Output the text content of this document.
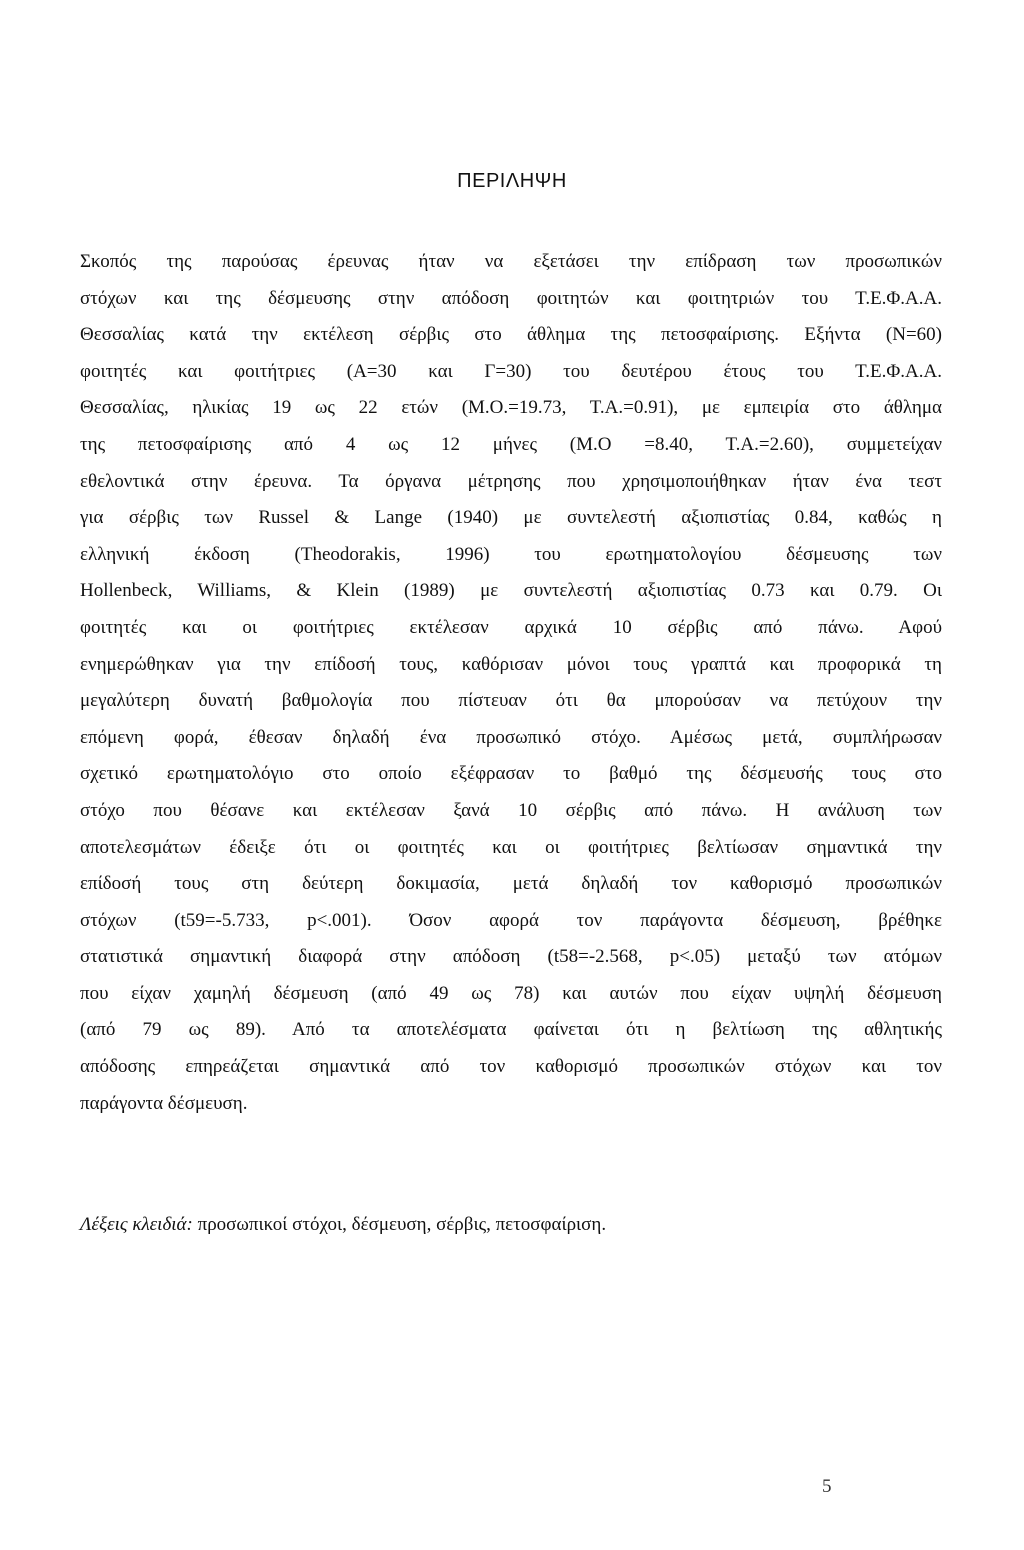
ΠΕΡΙΛΗΨΗ
Σκοπός της παρούσας έρευνας ήταν να εξετάσει την επίδραση των προσωπικών
στόχων και της δέσμευσης στην απόδοση φοιτητών και φοιτητριών του Τ.Ε.Φ.Α.Α.
Θεσσαλίας κατά την εκτέλεση σέρβις στο άθλημα της πετοσφαίρισης. Εξήντα (Ν=60)
φοιτητές και φοιτήτριες (Α=30 και Γ=30) του δευτέρου έτους του Τ.Ε.Φ.Α.Α.
Θεσσαλίας, ηλικίας 19 ως 22 ετών (Μ.Ο.=19.73, Τ.Α.=0.91), με εμπειρία στο άθλημα
της πετοσφαίρισης από 4 ως 12 μήνες (Μ.Ο =8.40, Τ.Α.=2.60), συμμετείχαν
εθελοντικά στην έρευνα. Τα όργανα μέτρησης που χρησιμοποιήθηκαν ήταν ένα τεστ
για σέρβις των Russel & Lange (1940) με συντελεστή αξιοπιστίας 0.84, καθώς η
ελληνική έκδοση (Theodorakis, 1996) του ερωτηματολογίου δέσμευσης των
Hollenbeck, Williams, & Klein (1989) με συντελεστή αξιοπιστίας 0.73 και 0.79. Οι
φοιτητές και οι φοιτήτριες εκτέλεσαν αρχικά 10 σέρβις από πάνω. Αφού
ενημερώθηκαν για την επίδοσή τους, καθόρισαν μόνοι τους γραπτά και προφορικά τη
μεγαλύτερη δυνατή βαθμολογία που πίστευαν ότι θα μπορούσαν να πετύχουν την
επόμενη φορά, έθεσαν δηλαδή ένα προσωπικό στόχο. Αμέσως μετά, συμπλήρωσαν
σχετικό ερωτηματολόγιο στο οποίο εξέφρασαν το βαθμό της δέσμευσής τους στο
στόχο που θέσανε και εκτέλεσαν ξανά 10 σέρβις από πάνω. Η ανάλυση των
αποτελεσμάτων έδειξε ότι οι φοιτητές και οι φοιτήτριες βελτίωσαν σημαντικά την
επίδοσή τους στη δεύτερη δοκιμασία, μετά δηλαδή τον καθορισμό προσωπικών
στόχων (t59=-5.733, p<.001). Όσον αφορά τον παράγοντα δέσμευση, βρέθηκε
στατιστικά σημαντική διαφορά στην απόδοση (t58=-2.568, p<.05) μεταξύ των ατόμων
που είχαν χαμηλή δέσμευση (από 49 ως 78) και αυτών που είχαν υψηλή δέσμευση
(από 79 ως 89). Από τα αποτελέσματα φαίνεται ότι η βελτίωση της αθλητικής
απόδοσης επηρεάζεται σημαντικά από τον καθορισμό προσωπικών στόχων και τον
παράγοντα δέσμευση.

Λέξεις κλειδιά: προσωπικοί στόχοι, δέσμευση, σέρβις, πετοσφαίριση.

5
